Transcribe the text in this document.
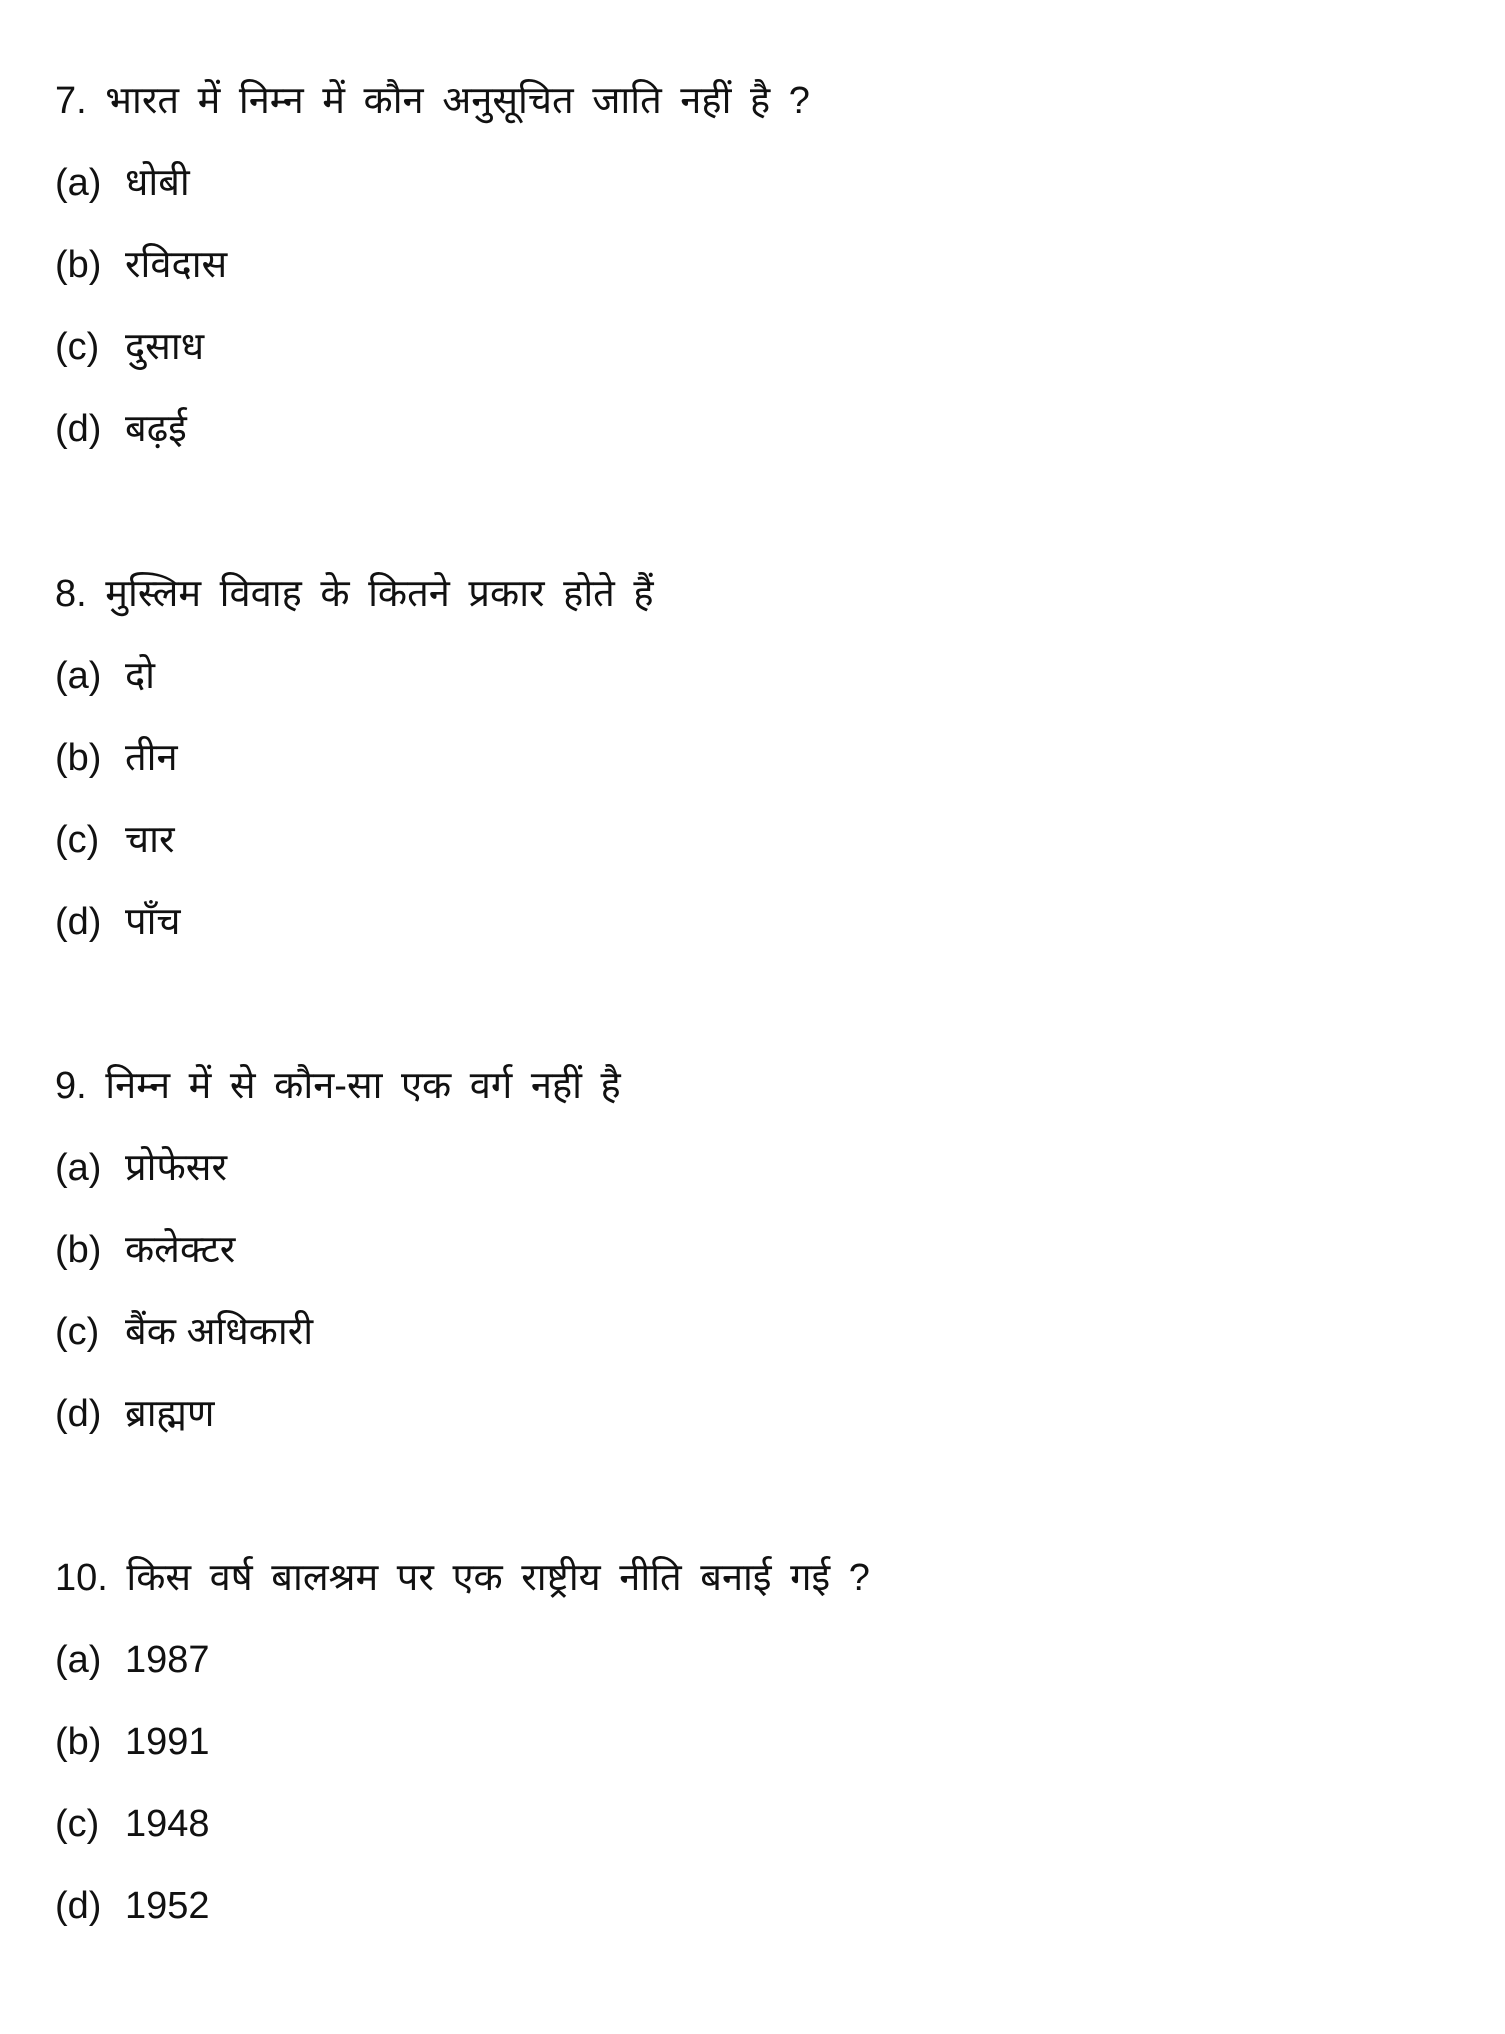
7. भारत में निम्न में कौन अनुसूचित जाति नहीं है ?
(a) धोबी
(b) रविदास
(c) दुसाध
(d) बढ़ई
8. मुस्लिम विवाह के कितने प्रकार होते हैं
(a) दो
(b) तीन
(c) चार
(d) पाँच
9. निम्न में से कौन-सा एक वर्ग नहीं है
(a) प्रोफेसर
(b) कलेक्टर
(c) बैंक अधिकारी
(d) ब्राह्मण
10. किस वर्ष बालश्रम पर एक राष्ट्रीय नीति बनाई गई ?
(a) 1987
(b) 1991
(c) 1948
(d) 1952
